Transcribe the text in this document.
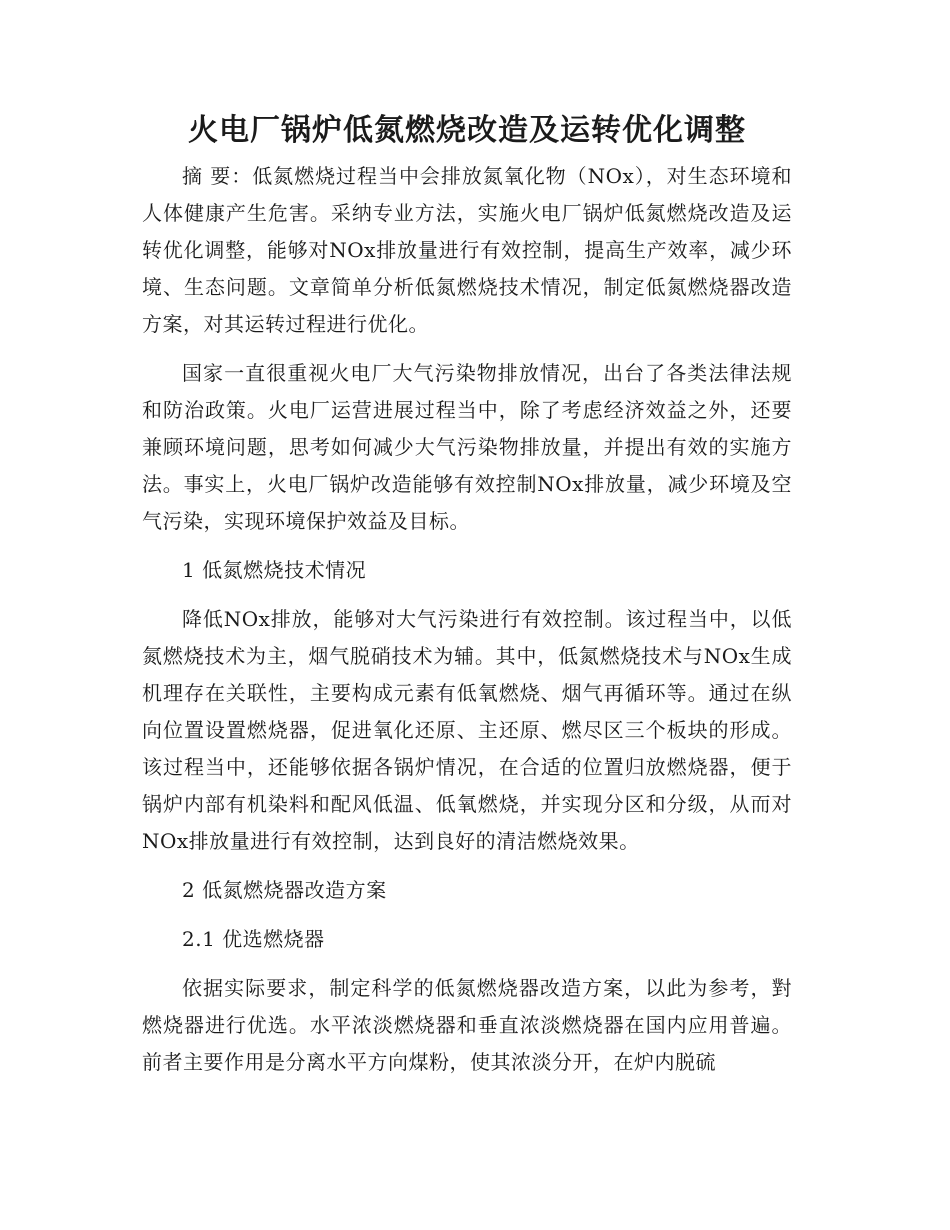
火电厂锅炉低氮燃烧改造及运转优化调整

摘 要：低氮燃烧过程当中会排放氮氧化物（NOx），对生态环境和人体健康产生危害。采纳专业方法，实施火电厂锅炉低氮燃烧改造及运转优化调整，能够对NOx排放量进行有效控制，提高生产效率，减少环境、生态问题。文章简单分析低氮燃烧技术情况，制定低氮燃烧器改造方案，对其运转过程进行优化。

国家一直很重视火电厂大气污染物排放情况，出台了各类法律法规和防治政策。火电厂运营进展过程当中，除了考虑经济效益之外，还要兼顾环境问题，思考如何减少大气污染物排放量，并提出有效的实施方法。事实上，火电厂锅炉改造能够有效控制NOx排放量，减少环境及空气污染，实现环境保护效益及目标。

1 低氮燃烧技术情况

降低NOx排放，能够对大气污染进行有效控制。该过程当中，以低氮燃烧技术为主，烟气脱硝技术为辅。其中，低氮燃烧技术与NOx生成机理存在关联性，主要构成元素有低氧燃烧、烟气再循环等。通过在纵向位置设置燃烧器，促进氧化还原、主还原、燃尽区三个板块的形成。该过程当中，还能够依据各锅炉情况，在合适的位置归放燃烧器，便于锅炉内部有机染料和配风低温、低氧燃烧，并实现分区和分级，从而对NOx排放量进行有效控制，达到良好的清洁燃烧效果。

2 低氮燃烧器改造方案

2.1 优选燃烧器

依据实际要求，制定科学的低氮燃烧器改造方案，以此为参考，對燃烧器进行优选。水平浓淡燃烧器和垂直浓淡燃烧器在国内应用普遍。前者主要作用是分离水平方向煤粉，使其浓淡分开，在炉内脱硫
